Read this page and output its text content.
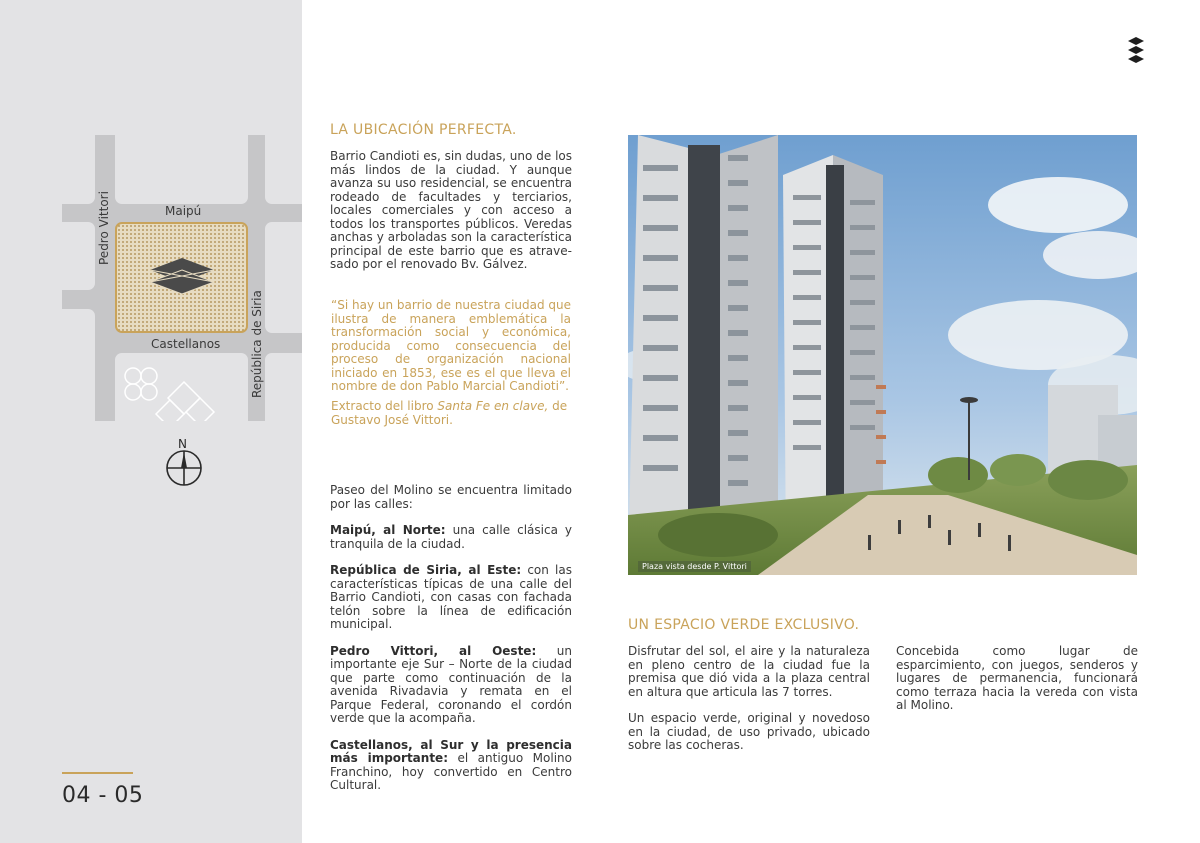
Maipú
Castellanos
Pedro Vittori
República de Siria
N
04 - 05
LA UBICACIÓN PERFECTA.
Barrio Candioti es, sin dudas, uno de los más lindos de la ciudad. Y aunque avanza su uso residencial, se encuentra rodeado de facultades y terciarios, locales comerciales y con acceso a todos los transportes públicos. Veredas anchas y arboladas son la característica principal de este barrio que es atravesado por el renovado Bv. Gálvez.
“Si hay un barrio de nuestra ciudad que ilustra de manera emblemática la transformación social y económica, producida como consecuencia del proceso de organización nacional iniciado en 1853, ese es el que lleva el nombre de don Pablo Marcial Candioti”.
Extracto del libro Santa Fe en clave, de Gustavo José Vittori.

Paseo del Molino se encuentra limitado por las calles:

Maipú, al Norte: una calle clásica y tranquila de la ciudad.

República de Siria, al Este: con las características típicas de una calle del Barrio Candioti, con casas con fachada telón sobre la línea de edificación municipal.

Pedro Vittori, al Oeste: un importante eje Sur – Norte de la ciudad que parte como continuación de la avenida Rivadavia y remata en el Parque Federal, coronando el cordón verde que la acompaña.

Castellanos, al Sur y la presencia más importante: el antiguo Molino Franchino, hoy convertido en Centro Cultural.

Plaza vista desde P. Vittori
UN ESPACIO VERDE EXCLUSIVO.

Disfrutar del sol, el aire y la naturaleza en pleno centro de la ciudad fue la premisa que dió vida a la plaza central en altura que articula las 7 torres.

Un espacio verde, original y novedoso en la ciudad, de uso privado, ubicado sobre las cocheras.

Concebida como lugar de esparcimiento, con juegos, senderos y lugares de permanencia, funcionará como terraza hacia la vereda con vista al Molino.
